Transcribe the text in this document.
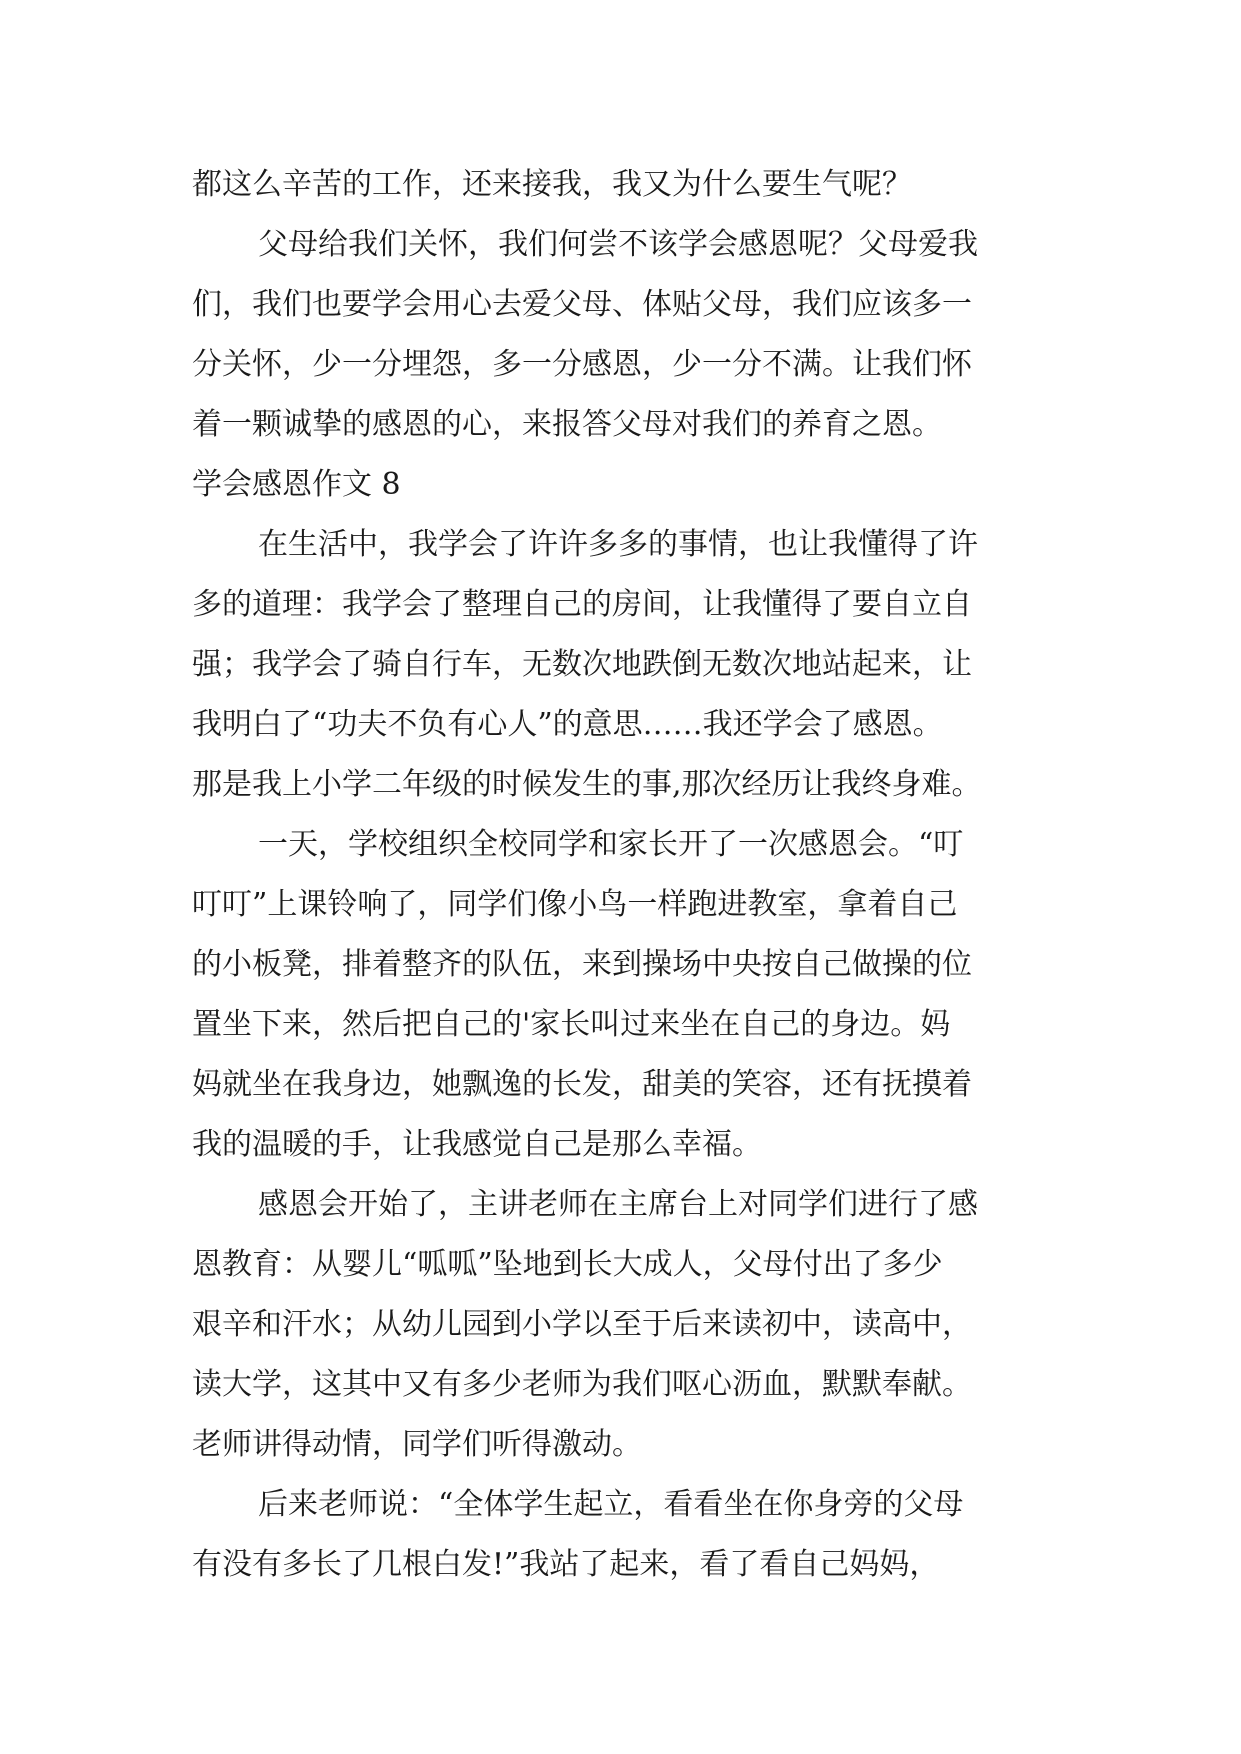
都这么辛苦的工作，还来接我，我又为什么要生气呢？
父母给我们关怀，我们何尝不该学会感恩呢？父母爱我
们，我们也要学会用心去爱父母、体贴父母，我们应该多一
分关怀，少一分埋怨，多一分感恩，少一分不满。让我们怀
着一颗诚挚的感恩的心，来报答父母对我们的养育之恩。
学会感恩作文 8
在生活中，我学会了许许多多的事情，也让我懂得了许
多的道理：我学会了整理自己的房间，让我懂得了要自立自
强；我学会了骑自行车，无数次地跌倒无数次地站起来，让
我明白了“功夫不负有心人”的意思……我还学会了感恩。
那是我上小学二年级的时候发生的事,那次经历让我终身难。
一天，学校组织全校同学和家长开了一次感恩会。“叮
叮叮”上课铃响了，同学们像小鸟一样跑进教室，拿着自己
的小板凳，排着整齐的队伍，来到操场中央按自己做操的位
置坐下来，然后把自己的'家长叫过来坐在自己的身边。妈
妈就坐在我身边，她飘逸的长发，甜美的笑容，还有抚摸着
我的温暖的手，让我感觉自己是那么幸福。
感恩会开始了，主讲老师在主席台上对同学们进行了感
恩教育：从婴儿“呱呱”坠地到长大成人，父母付出了多少
艰辛和汗水；从幼儿园到小学以至于后来读初中，读高中，
读大学，这其中又有多少老师为我们呕心沥血，默默奉献。
老师讲得动情，同学们听得激动。
后来老师说：“全体学生起立，看看坐在你身旁的父母
有没有多长了几根白发!”我站了起来，看了看自己妈妈，
